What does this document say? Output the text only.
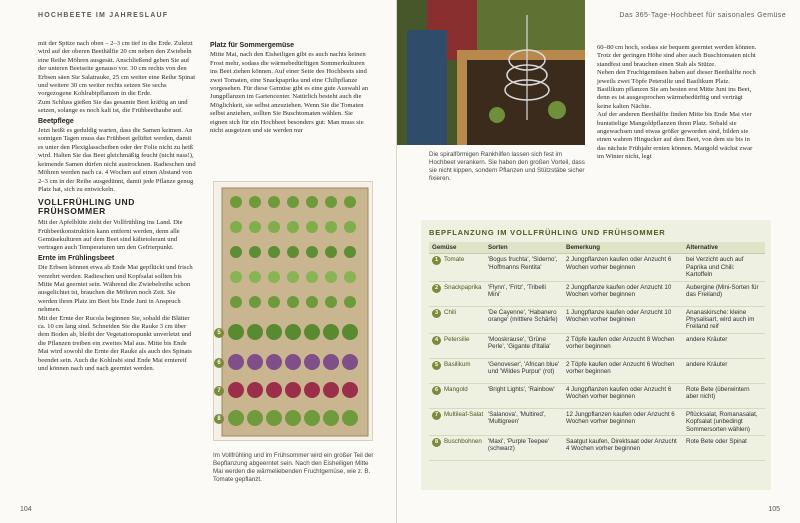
HOCHBEETE IM JAHRESLAUF

mit der Spitze nach oben – 2–3 cm tief in die Erde. Zuletzt wird auf der oberen Beethälfte 20 cm neben den Zwiebeln eine Reihe Möhren ausgesät. Anschließend geben Sie auf der unteren Beetseite genauso vor. 30 cm rechts von den Erbsen säen Sie Salatrauke, 25 cm weiter eine Reihe Spinat und weitere 30 cm weiter rechts setzen Sie sechs vorgezogene Kohlrabipflanzen in die Erde.

Zum Schluss gießen Sie das gesamte Beet kräftig an und setzen, solange es noch kalt ist, die Frühbeethaube auf.

Beetpflege

Jetzt heißt es geduldig warten, dass die Samen keimen. An sonnigen Tagen muss das Frühbeet gelüftet werden, damit es unter den Plexiglasscheiben oder der Folie nicht zu heiß wird. Halten Sie das Beet gleichmäßig feucht (nicht nass!), keimende Samen dürfen nicht austrocknen. Radieschen und Möhren werden nach ca. 4 Wochen auf einen Abstand von 2–3 cm in der Reihe ausgedünnt, damit jede Pflanze genug Platz hat, sich zu entwickeln.

VOLLFRÜHLING UND FRÜHSOMMER

Mit der Apfelblüte zieht der Vollfrühling ins Land. Die Frühbeetkonstruktion kann entfernt werden, denn alle Gemüsekulturen auf dem Beet sind kältetolerant und vertragen auch Temperaturen um den Gefrierpunkt.

Ernte im Frühlingsbeet

Die Erbsen können etwa ab Ende Mai gepflückt und frisch verzehrt werden. Radieschen und Kopfsalat sollten bis Mitte Mai geerntet sein. Während die Zwiebelreihe schon ausgelichtet ist, brauchen die Möhren noch Zeit. Sie werden ihren Platz im Beet bis Ende Juni in Anspruch nehmen.

Mit der Ernte der Rucola beginnen Sie, sobald die Blätter ca. 10 cm lang sind. Schneiden Sie die Rauke 3 cm über dem Boden ab, bleibt der Vegetationspunkt unverletzt und die Pflanzen treiben ein zweites Mal aus. Mitte bis Ende Mai wird sowohl die Ernte der Rauke als auch des Spinats beendet sein. Auch die Kohlrabi sind Ende Mai erntereif und können nach und nach geerntet werden.

Platz für Sommergemüse

Mitte Mai, nach den Eisheiligen gibt es auch nachts keinen Frost mehr, sodass die wärmebedürftigen Sommerkulturen ins Beet ziehen können. Auf einer Seite des Hochbeets sind zwei Tomaten, eine Snackpaprika und eine Chilipflanze vorgesehen. Für diese Gemüse gibt es eine gute Auswahl an Jungpflanzen im Gartencenter. Natürlich besteht auch die Möglichkeit, sie selbst anzuziehen. Wenn Sie die Tomaten selbst anziehen, sollten Sie Buschtomaten wählen. Sie eignen sich für ein Hochbeet besonders gut: Man muss sie nicht ausgeizen und sie werden nur

5
6
7
8
Im Vollfrühling und im Frühsommer wird ein großer Teil der Bepflanzung abgeerntet sein. Nach den Eisheiligen Mitte Mai werden die wärmeliebenden Fruchtgemüse, wie z. B. Tomate gepflanzt.
104
Das 365-Tage-Hochbeet für saisonales Gemüse
Die spiralförmigen Rankhilfen lassen sich fest im Hochbeet verankern. Sie haben den großen Vorteil, dass sie nicht kippen, sondern Pflanzen und Stützstäbe sicher fixieren.

60–80 cm hoch, sodass sie bequem geerntet werden können. Trotz der geringen Höhe sind aber auch Buschtomaten nicht standfest und brauchen einen Stab als Stütze.

Neben den Fruchtgemüsen haben auf dieser Beethälfte noch jeweils zwei Töpfe Petersilie und Basilikum Platz. Basilikum pflanzen Sie am besten erst Mitte Juni ins Beet, denn es ist ausgesprochen wärmebedürftig und verträgt keine kalten Nächte.

Auf der anderen Beethälfte finden Mitte bis Ende Mai vier buntstielige Mangoldpflanzen ihren Platz. Sobald sie angewachsen und etwas größer geworden sind, bilden sie einen wahren Hingucker auf dem Beet, von dem sie bis in das nächste Frühjahr ernten können. Mangold wächst zwar im Winter nicht, legt

BEPFLANZUNG IM VOLLFRÜHLING UND FRÜHSOMMER
Gemüse	Sorten	Bemerkung	Alternative
1 Tomate	'Bogus fruchta', 'Siderno', 'Hoffmanns Rentita'	2 Jungpflanzen kaufen oder Anzucht 6 Wochen vorher beginnen	bei Verzicht auch auf Paprika und Chili: Kartoffeln
2 Snackpaprika	'Flynn', 'Fritz', 'Tribelli Mini'	2 Jungpflanze kaufen oder Anzucht 10 Wochen vorher beginnen	Aubergine (Mini-Sorten für das Freiland)
3 Chili	'De Cayenne', 'Habanero orange' (mittlere Schärfe)	1 Jungpflanze kaufen oder Anzucht 10 Wochen vorher beginnen	Ananaskirsche: kleine Physalisart, wird auch im Freiland reif
4 Petersilie	'Mooskrause', 'Grüne Perle', 'Gigante d'Italia'	2 Töpfe kaufen oder Anzucht 8 Wochen vorher beginnen	andere Kräuter
5 Basilikum	'Genoveser', 'African blue' und 'Wildes Purpur' (rot)	2 Töpfe kaufen oder Anzucht 6 Wochen vorher beginnen	andere Kräuter
6 Mangold	'Bright Lights', 'Rainbow'	4 Jungpflanzen kaufen oder Anzucht 6 Wochen vorher beginnen	Rote Bete (überwintern aber nicht)
7 Multileaf-Salat	'Salanova', 'Multired', 'Multigreen'	12 Jungpflanzen kaufen oder Anzucht 6 Wochen vorher beginnen	Pflücksalat, Romanasalat, Kopfsalat (unbedingt Sommersorten wählen)
8 Buschbohnen	'Maxi', 'Purple Teepee' (schwarz)	Saatgut kaufen, Direktsaat oder Anzucht 4 Wochen vorher beginnen	Rote Bete oder Spinat
105
